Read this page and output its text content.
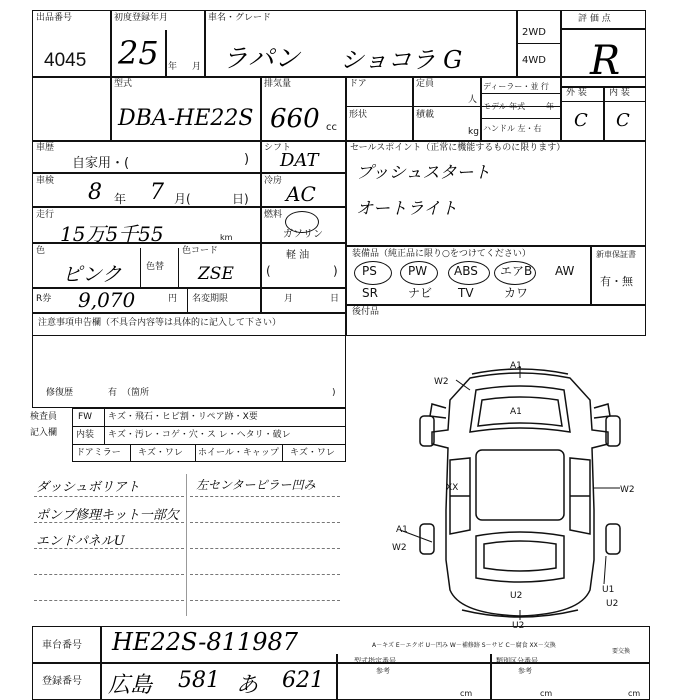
出品番号
4045
初度登録年月
25 年 月
車名・グレード
ラパン ショコラ G
2WD
4WD
評 価 点
R
外 装 内 装
C C
型式
DBA-HE22S
排気量
660 cc
ドア	定員
人
形状	積載
kg
ディーラー・並 行
モデル 年式	年
ハンドル 左・右
車歴
自家用・(	)
シフト
DAT
車検 8 年 7 月(	日)
冷房
AC
走行
15万5千55	km
燃料
ガソリン
軽 油
(	)
色
ピンク	色替
色コード
ZSE
R券 9,070	円 名変期限	月	日
セールスポイント（正常に機能するものに限ります）
プッシュスタート
オートライト
装備品（純正品に限り○をつけてください）	新車保証書
PS	PW ABS エアB AW
SR	ナビ TV	カワ
有・無
後付品
注意事項申告欄（不具合内容等は具体的に記入して下さい）
修復歴	有 （箇所	)
検査員
記入欄
FW キズ・飛石・ヒビ割・リペア跡・X要
内装 キズ・汚レ・コゲ・穴・ス レ・ヘタリ・破レ
ドアミラー キズ・ワレ ホイール・キャップ キズ・ワレ
ダッシュボリアト
ポンプ修理キット一部欠
エンドパネルU
左センターピラー凹み
A1
W2
A1
XX	W2
A1
W2
U2
U1
U2
U2
車台番号 HE22S-811987
登録番号 広島 581 あ 621
A－キズ E－エクボ U－凹み W－補修跡 S－サビ C－腐食 XX－交換
要交換
型式指定番号
参考
類別区分番号
参考
cm	cm	cm
